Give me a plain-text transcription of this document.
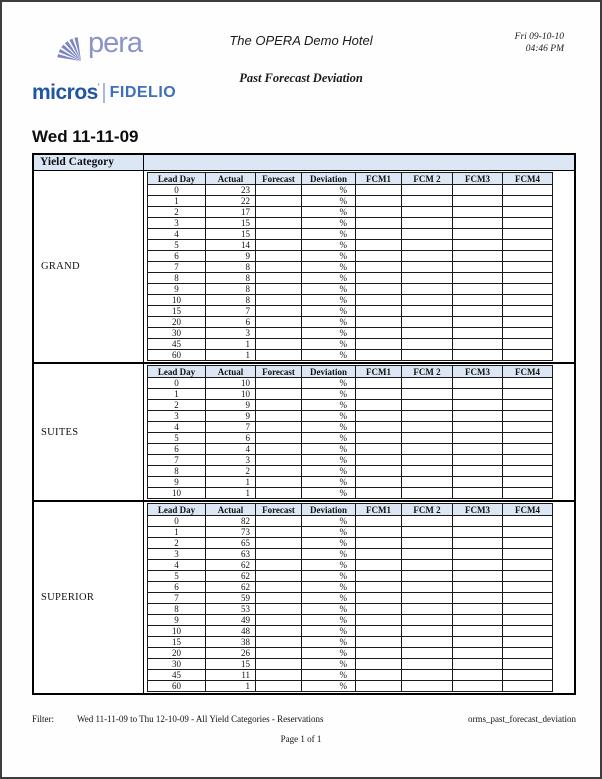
pera
micros ' FIDELIO
The OPERA Demo Hotel
Past Forecast Deviation
Fri 09-10-10
04:46 PM
Wed 11-11-09
Yield Category
GRAND
Lead Day	Actual	Forecast	Deviation	FCM1	FCM 2	FCM3	FCM4
0	23		%				
1	22		%				
2	17		%				
3	15		%				
4	15		%				
5	14		%				
6	9		%				
7	8		%				
8	8		%				
9	8		%				
10	8		%				
15	7		%				
20	6		%				
30	3		%				
45	1		%				
60	1		%				
SUITES
Lead Day	Actual	Forecast	Deviation	FCM1	FCM 2	FCM3	FCM4
0	10		%				
1	10		%				
2	9		%				
3	9		%				
4	7		%				
5	6		%				
6	4		%				
7	3		%				
8	2		%				
9	1		%				
10	1		%				
SUPERIOR
Lead Day	Actual	Forecast	Deviation	FCM1	FCM 2	FCM3	FCM4
0	82		%				
1	73		%				
2	65		%				
3	63		%				
4	62		%				
5	62		%				
6	62		%				
7	59		%				
8	53		%				
9	49		%				
10	48		%				
15	38		%				
20	26		%				
30	15		%				
45	11		%				
60	1		%				
Filter:	Wed 11-11-09 to Thu 12-10-09 - All Yield Categories - Reservations	orms_past_forecast_deviation
Page 1 of 1
